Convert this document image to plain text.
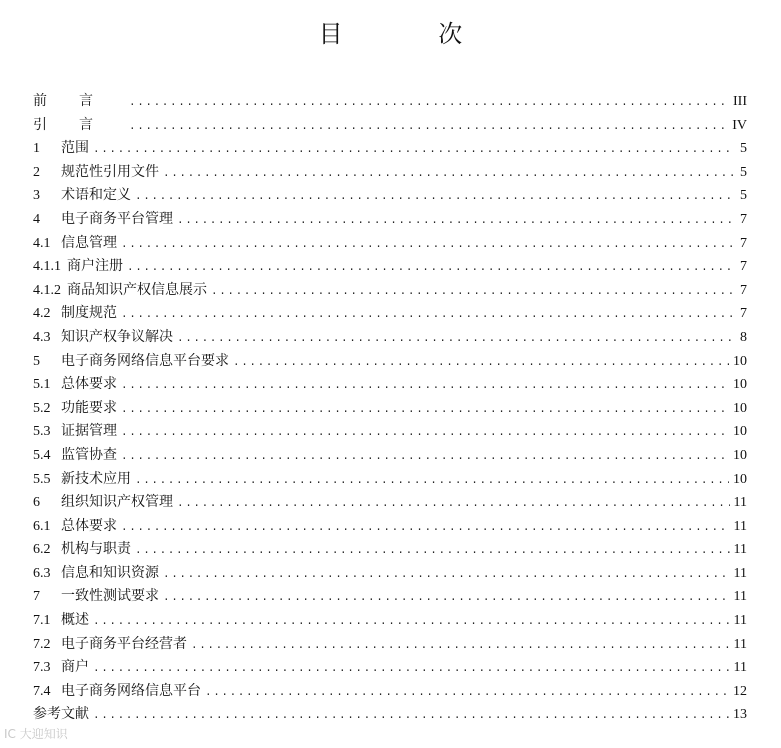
目 次
前言 .....	III
引言 .....	IV
1 范围 .....	5
2 规范性引用文件 .....	5
3 术语和定义 .....	5
4 电子商务平台管理 .....	7
4.1 信息管理 .....	7
4.1.1 商户注册 .....	7
4.1.2 商品知识产权信息展示 .....	7
4.2 制度规范 .....	7
4.3 知识产权争议解决 .....	8
5 电子商务网络信息平台要求 .....	10
5.1 总体要求 .....	10
5.2 功能要求 .....	10
5.3 证据管理 .....	10
5.4 监管协查 .....	10
5.5 新技术应用 .....	10
6 组织知识产权管理 .....	11
6.1 总体要求 .....	11
6.2 机构与职责 .....	11
6.3 信息和知识资源 .....	11
7 一致性测试要求 .....	11
7.1 概述 .....	11
7.2 电子商务平台经营者 .....	11
7.3 商户 .....	11
7.4 电子商务网络信息平台 .....	12
参考文献 .....	13
IC 大迎知识
